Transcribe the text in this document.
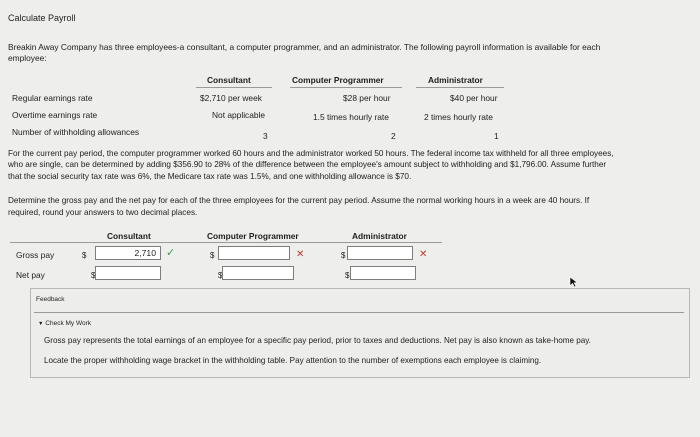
Calculate Payroll
Breakin Away Company has three employees-a consultant, a computer programmer, and an administrator. The following payroll information is available for each
employee:
Consultant	Computer Programmer	Administrator
Regular earnings rate	$2,710 per week	$28 per hour	$40 per hour
Overtime earnings rate	Not applicable	1.5 times hourly rate	2 times hourly rate
Number of withholding allowances	3	2	1
For the current pay period, the computer programmer worked 60 hours and the administrator worked 50 hours. The federal income tax withheld for all three employees,
who are single, can be determined by adding $356.90 to 28% of the difference between the employee's amount subject to withholding and $1,796.00. Assume further
that the social security tax rate was 6%, the Medicare tax rate was 1.5%, and one withholding allowance is $70.
Determine the gross pay and the net pay for each of the three employees for the current pay period. Assume the normal working hours in a week are 40 hours. If
required, round your answers to two decimal places.
Consultant	Computer Programmer	Administrator
Gross pay	$	2,710 ✓	$	✕	$	✕
Net pay	$	$	$
Feedback
▼ Check My Work
Gross pay represents the total earnings of an employee for a specific pay period, prior to taxes and deductions. Net pay is also known as take-home pay.
Locate the proper withholding wage bracket in the withholding table. Pay attention to the number of exemptions each employee is claiming.
